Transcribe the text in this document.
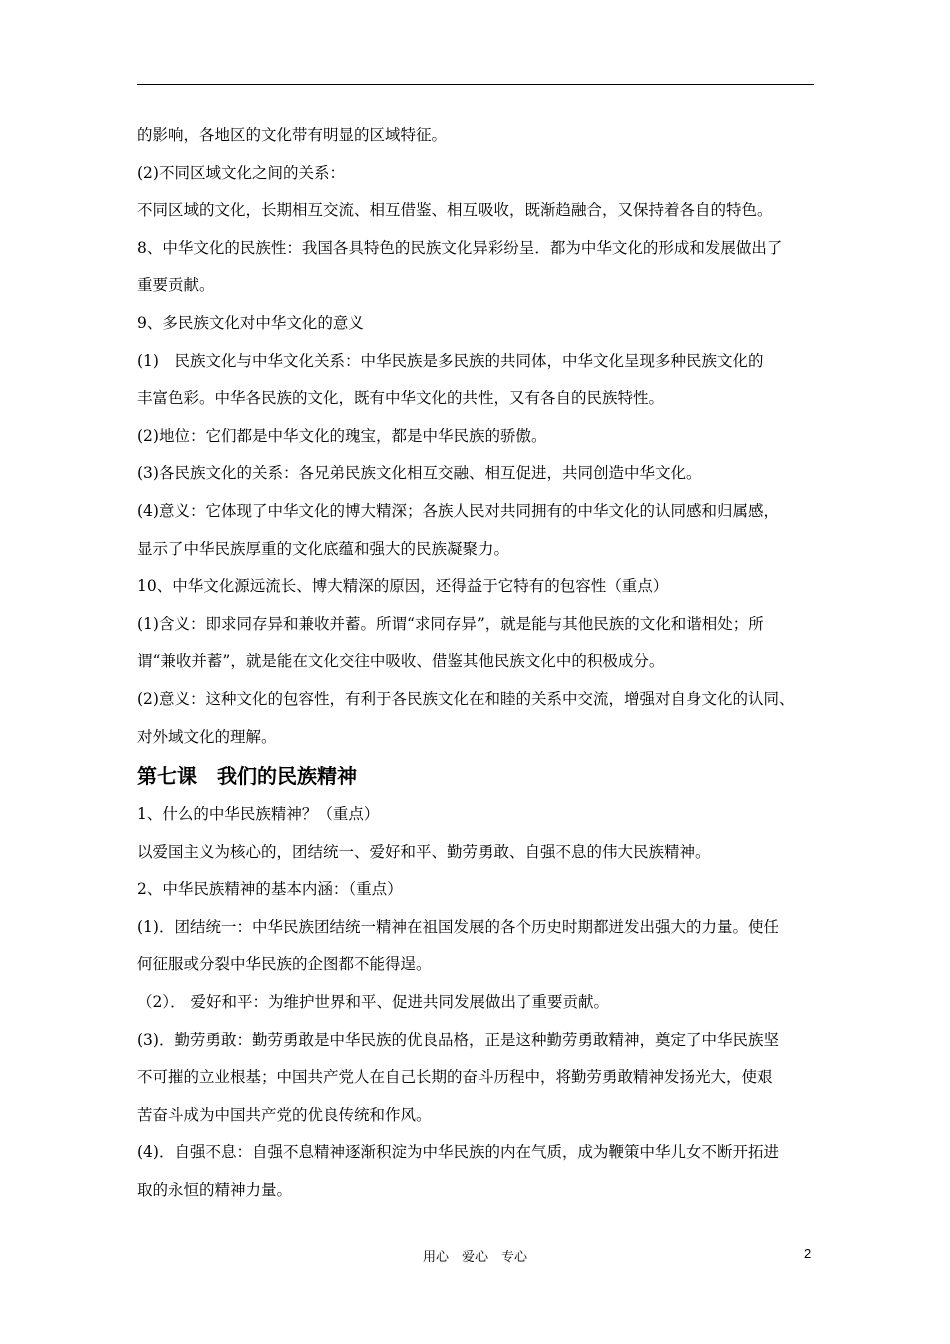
的影响，各地区的文化带有明显的区域特征。
(2)不同区域文化之间的关系：
不同区域的文化，长期相互交流、相互借鉴、相互吸收，既渐趋融合，又保持着各自的特色。
8、中华文化的民族性：我国各具特色的民族文化异彩纷呈．都为中华文化的形成和发展做出了
重要贡献。
9、多民族文化对中华文化的意义
(1)　民族文化与中华文化关系：中华民族是多民族的共同体，中华文化呈现多种民族文化的
丰富色彩。中华各民族的文化，既有中华文化的共性，又有各自的民族特性。
(2)地位：它们都是中华文化的瑰宝，都是中华民族的骄傲。
(3)各民族文化的关系：各兄弟民族文化相互交融、相互促进，共同创造中华文化。
(4)意义：它体现了中华文化的博大精深；各族人民对共同拥有的中华文化的认同感和归属感，
显示了中华民族厚重的文化底蕴和强大的民族凝聚力。
10、中华文化源远流长、博大精深的原因，还得益于它特有的包容性（重点）
(1)含义：即求同存异和兼收并蓄。所谓“求同存异”，就是能与其他民族的文化和谐相处；所
谓“兼收并蓄”，就是能在文化交往中吸收、借鉴其他民族文化中的积极成分。
(2)意义：这种文化的包容性，有利于各民族文化在和睦的关系中交流，增强对自身文化的认同、
对外域文化的理解。
第七课　我们的民族精神
1、什么的中华民族精神？（重点）
以爱国主义为核心的，团结统一、爱好和平、勤劳勇敢、自强不息的伟大民族精神。
2、中华民族精神的基本内涵：（重点）
(1)．团结统一：中华民族团结统一精神在祖国发展的各个历史时期都迸发出强大的力量。使任
何征服或分裂中华民族的企图都不能得逞。
（2）． 爱好和平：为维护世界和平、促进共同发展做出了重要贡献。
(3)．勤劳勇敢：勤劳勇敢是中华民族的优良品格，正是这种勤劳勇敢精神，奠定了中华民族坚
不可摧的立业根基；中国共产党人在自己长期的奋斗历程中，将勤劳勇敢精神发扬光大，使艰
苦奋斗成为中国共产党的优良传统和作风。
(4)．自强不息：自强不息精神逐渐积淀为中华民族的内在气质，成为鞭策中华儿女不断开拓进
取的永恒的精神力量。
用心　爱心　专心	2
